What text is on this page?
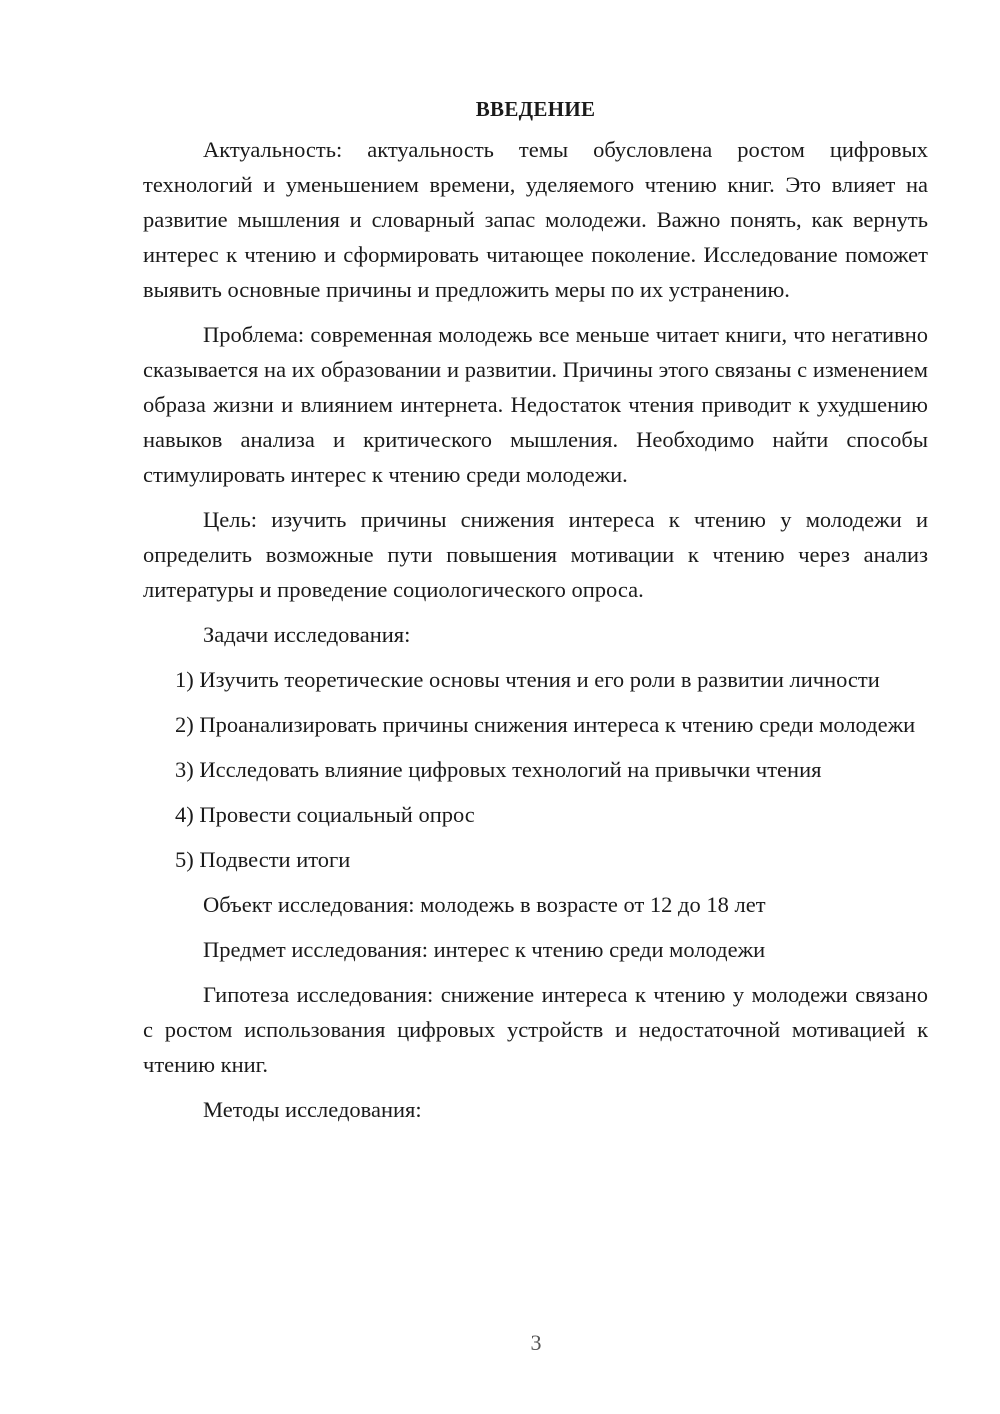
ВВЕДЕНИЕ

Актуальность: актуальность темы обусловлена ростом цифровых технологий и уменьшением времени, уделяемого чтению книг. Это влияет на развитие мышления и словарный запас молодежи. Важно понять, как вернуть интерес к чтению и сформировать читающее поколение. Исследование поможет выявить основные причины и предложить меры по их устранению.

Проблема: современная молодежь все меньше читает книги, что негативно сказывается на их образовании и развитии. Причины этого связаны с изменением образа жизни и влиянием интернета. Недостаток чтения приводит к ухудшению навыков анализа и критического мышления. Необходимо найти способы стимулировать интерес к чтению среди молодежи.

Цель: изучить причины снижения интереса к чтению у молодежи и определить возможные пути повышения мотивации к чтению через анализ литературы и проведение социологического опроса.

Задачи исследования:

1) Изучить теоретические основы чтения и его роли в развитии личности

2) Проанализировать причины снижения интереса к чтению среди молодежи

3) Исследовать влияние цифровых технологий на привычки чтения

4) Провести социальный опрос

5) Подвести итоги

Объект исследования: молодежь в возрасте от 12 до 18 лет

Предмет исследования: интерес к чтению среди молодежи

Гипотеза исследования: снижение интереса к чтению у молодежи связано с ростом использования цифровых устройств и недостаточной мотивацией к чтению книг.

Методы исследования:

3
